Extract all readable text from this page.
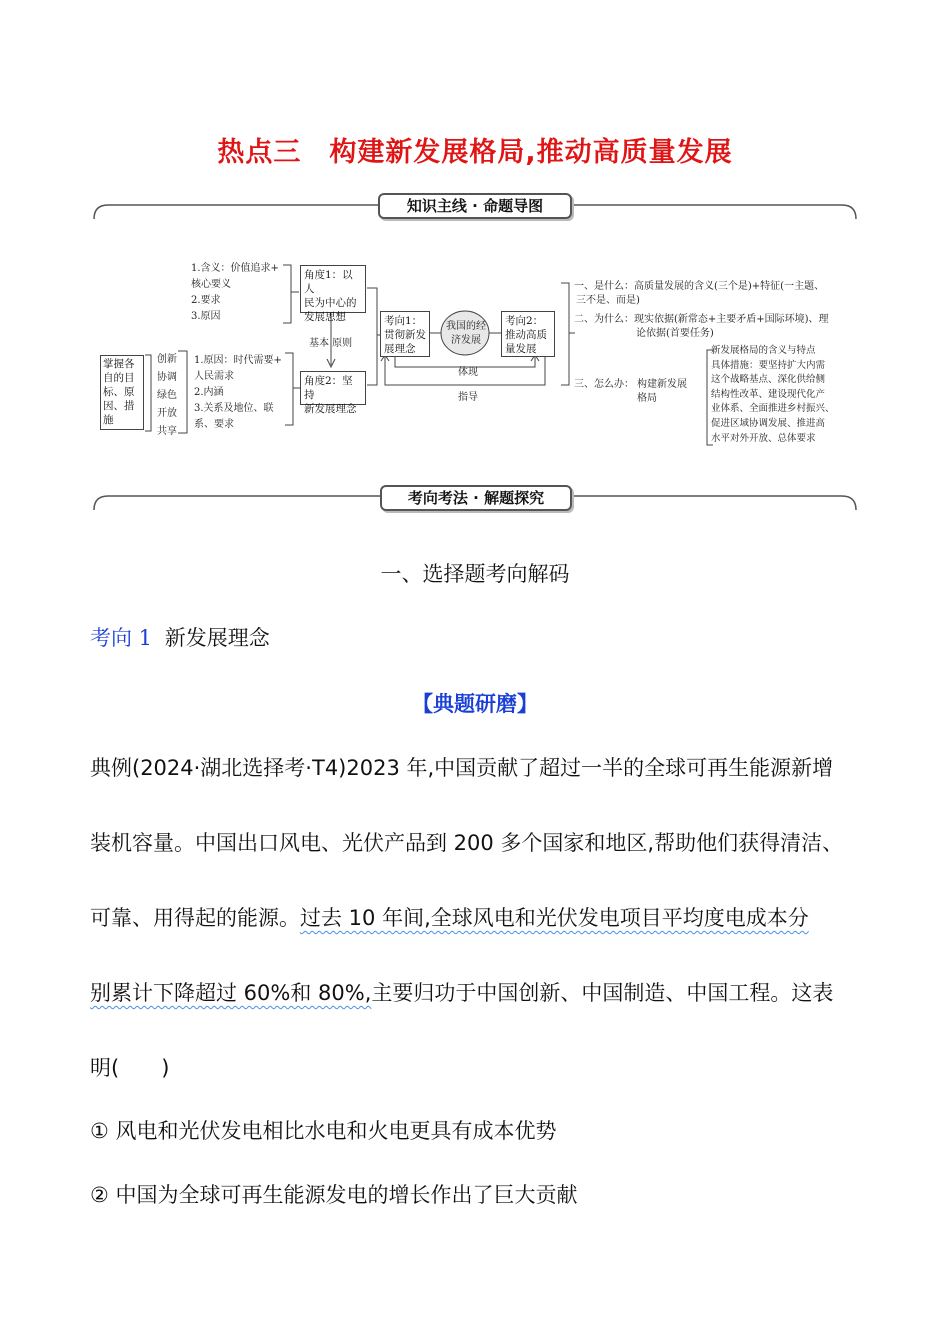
热点三　构建新发展格局,推动高质量发展
知识主线 · 命题导图
掌握各
自的目
标、原
因、措
施
创新
协调
绿色
开放
共享
1.含义：价值追求+
核心要义
2.要求
3.原因
1.原因：时代需要+
人民需求
2.内涵
3.关系及地位、联
系、要求
角度1：以人
民为中心的
发展思想
基本 原则
角度2：坚持
新发展理念
考向1：
贯彻新发
展理念
我国的经
济发展
考向2：
推动高质
量发展
体现
指导
一、是什么：高质量发展的含义(三个是)+特征(一主题、
三不是、而是)
二、为什么：现实依据(新常态+主要矛盾+国际环境)、理
论依据(首要任务)
三、怎么办： 构建新发展
格局
新发展格局的含义与特点
具体措施：要坚持扩大内需
这个战略基点、深化供给侧
结构性改革、建设现代化产
业体系、全面推进乡村振兴、
促进区域协调发展、推进高
水平对外开放、总体要求
考向考法 · 解题探究
一、选择题考向解码
考向 1 新发展理念
【典题研磨】
典例(2024·湖北选择考·T4)2023 年,中国贡献了超过一半的全球可再生能源新增
装机容量。中国出口风电、光伏产品到 200 多个国家和地区,帮助他们获得清洁、
可靠、用得起的能源。过去 10 年间,全球风电和光伏发电项目平均度电成本分
别累计下降超过 60%和 80%,主要归功于中国创新、中国制造、中国工程。这表
明(　　)
① 风电和光伏发电相比水电和火电更具有成本优势
② 中国为全球可再生能源发电的增长作出了巨大贡献
